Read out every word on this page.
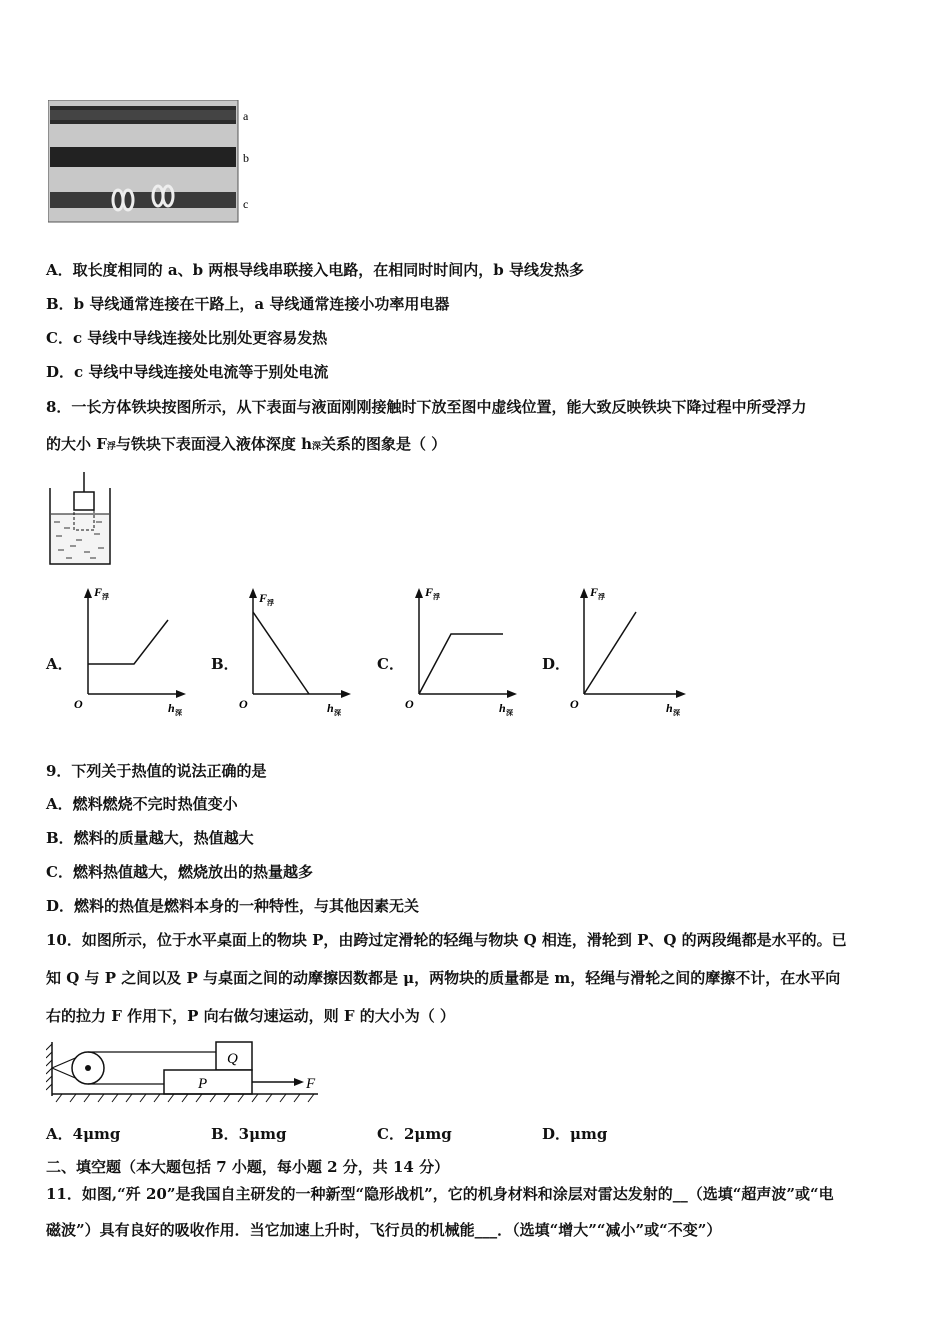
a
b
c
A．取长度相同的 a、b 两根导线串联接入电路，在相同时时间内，b 导线发热多
B．b 导线通常连接在干路上，a 导线通常连接小功率用电器
C．c 导线中导线连接处比别处更容易发热
D．c 导线中导线连接处电流等于别处电流
8．一长方体铁块按图所示，从下表面与液面刚刚接触时下放至图中虚线位置，能大致反映铁块下降过程中所受浮力
的大小 F浮与铁块下表面浸入液体深度 h深关系的图象是（ ）
A．	B．	C．	D．
F 浮
O	h 深
F 浮
O	h 深
F 浮
O	h 深
F 浮
O	h 深
9．下列关于热值的说法正确的是
A．燃料燃烧不完时热值变小
B．燃料的质量越大，热值越大
C．燃料热值越大，燃烧放出的热量越多
D．燃料的热值是燃料本身的一种特性，与其他因素无关
10．如图所示，位于水平桌面上的物块 P，由跨过定滑轮的轻绳与物块 Q 相连，滑轮到 P、Q 的两段绳都是水平的。已
知 Q 与 P 之间以及 P 与桌面之间的动摩擦因数都是 μ，两物块的质量都是 m，轻绳与滑轮之间的摩擦不计，在水平向
右的拉力 F 作用下，P 向右做匀速运动，则 F 的大小为（ ）
Q
P	F
A．4μmg	B．3μmg	C．2μmg	D．μmg
二、填空题（本大题包括 7 小题，每小题 2 分，共 14 分）
11．如图,“歼 20”是我国自主研发的一种新型“隐形战机”，它的机身材料和涂层对雷达发射的__（选填“超声波”或“电
磁波”）具有良好的吸收作用．当它加速上升时，飞行员的机械能___．（选填“增大”“减小”或“不变”）
